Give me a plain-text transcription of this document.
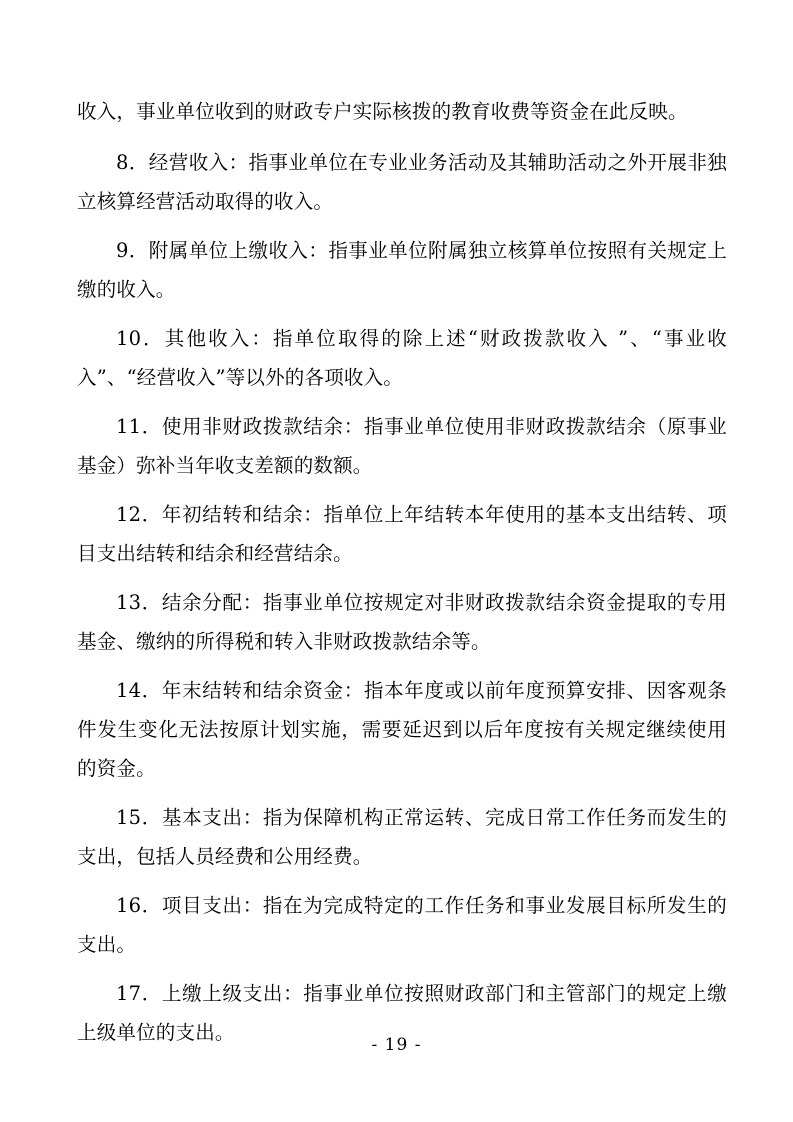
收入，事业单位收到的财政专户实际核拨的教育收费等资金在此反映。

8．经营收入：指事业单位在专业业务活动及其辅助活动之外开展非独立核算经营活动取得的收入。

9．附属单位上缴收入：指事业单位附属独立核算单位按照有关规定上缴的收入。

10．其他收入：指单位取得的除上述“财政拨款收入 ”、“事业收入”、“经营收入”等以外的各项收入。

11．使用非财政拨款结余：指事业单位使用非财政拨款结余（原事业基金）弥补当年收支差额的数额。

12．年初结转和结余：指单位上年结转本年使用的基本支出结转、项目支出结转和结余和经营结余。

13．结余分配：指事业单位按规定对非财政拨款结余资金提取的专用基金、缴纳的所得税和转入非财政拨款结余等。

14．年末结转和结余资金：指本年度或以前年度预算安排、因客观条件发生变化无法按原计划实施，需要延迟到以后年度按有关规定继续使用的资金。

15．基本支出：指为保障机构正常运转、完成日常工作任务而发生的支出，包括人员经费和公用经费。

16．项目支出：指在为完成特定的工作任务和事业发展目标所发生的支出。

17．上缴上级支出：指事业单位按照财政部门和主管部门的规定上缴上级单位的支出。

- 19 -
